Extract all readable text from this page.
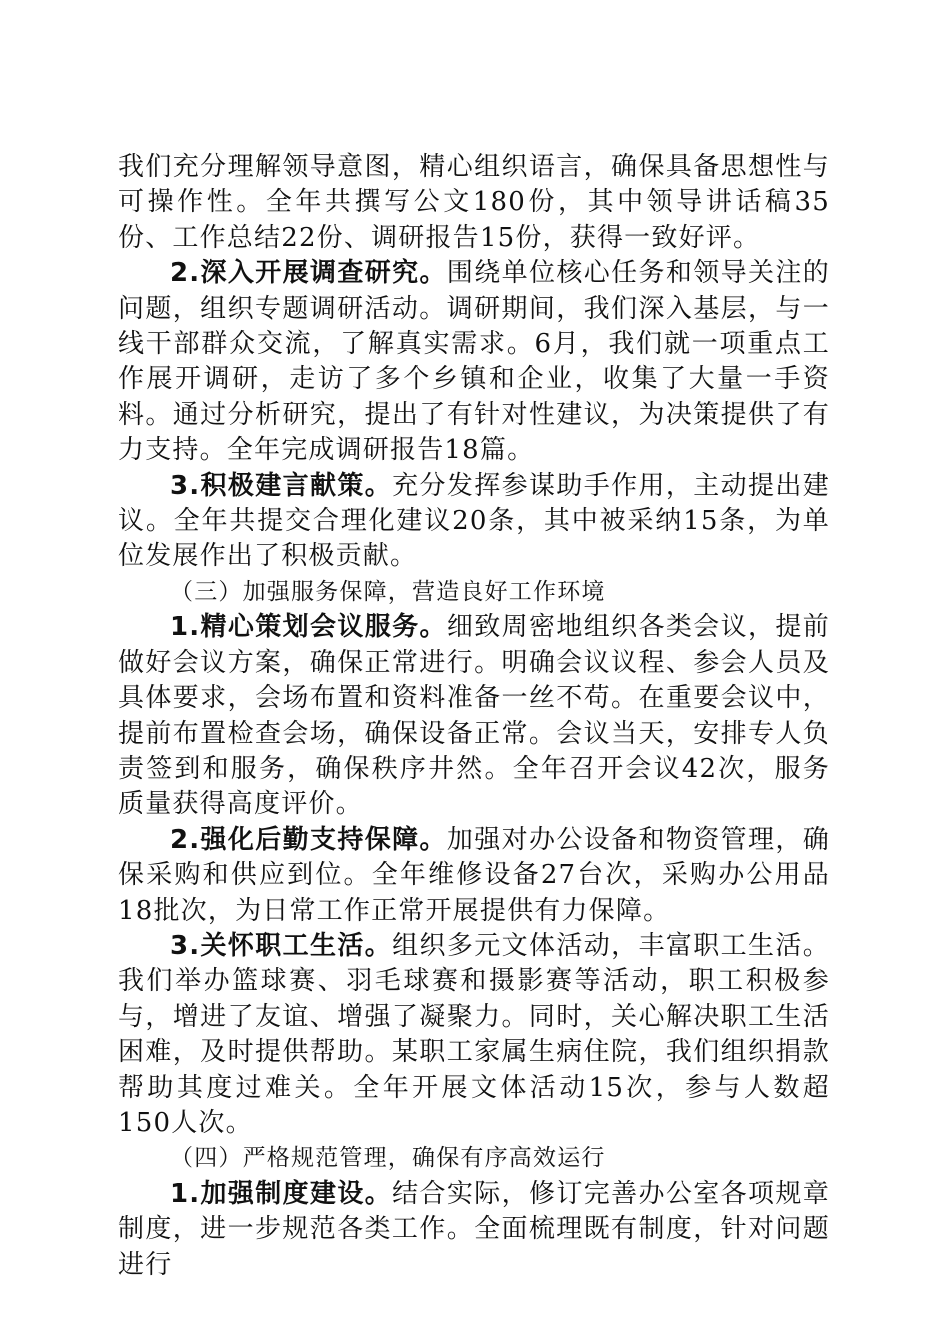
我们充分理解领导意图，精心组织语言，确保具备思想性与可操作性。全年共撰写公文180份，其中领导讲话稿35份、工作总结22份、调研报告15份，获得一致好评。

2.深入开展调查研究。围绕单位核心任务和领导关注的问题，组织专题调研活动。调研期间，我们深入基层，与一线干部群众交流，了解真实需求。6月，我们就一项重点工作展开调研，走访了多个乡镇和企业，收集了大量一手资料。通过分析研究，提出了有针对性建议，为决策提供了有力支持。全年完成调研报告18篇。

3.积极建言献策。充分发挥参谋助手作用，主动提出建议。全年共提交合理化建议20条，其中被采纳15条，为单位发展作出了积极贡献。

（三）加强服务保障，营造良好工作环境

1.精心策划会议服务。细致周密地组织各类会议，提前做好会议方案，确保正常进行。明确会议议程、参会人员及具体要求，会场布置和资料准备一丝不苟。在重要会议中，提前布置检查会场，确保设备正常。会议当天，安排专人负责签到和服务，确保秩序井然。全年召开会议42次，服务质量获得高度评价。

2.强化后勤支持保障。加强对办公设备和物资管理，确保采购和供应到位。全年维修设备27台次，采购办公用品18批次，为日常工作正常开展提供有力保障。

3.关怀职工生活。组织多元文体活动，丰富职工生活。我们举办篮球赛、羽毛球赛和摄影赛等活动，职工积极参与，增进了友谊、增强了凝聚力。同时，关心解决职工生活困难，及时提供帮助。某职工家属生病住院，我们组织捐款帮助其度过难关。全年开展文体活动15次，参与人数超150人次。

（四）严格规范管理，确保有序高效运行

1.加强制度建设。结合实际，修订完善办公室各项规章制度，进一步规范各类工作。全面梳理既有制度，针对问题进行
